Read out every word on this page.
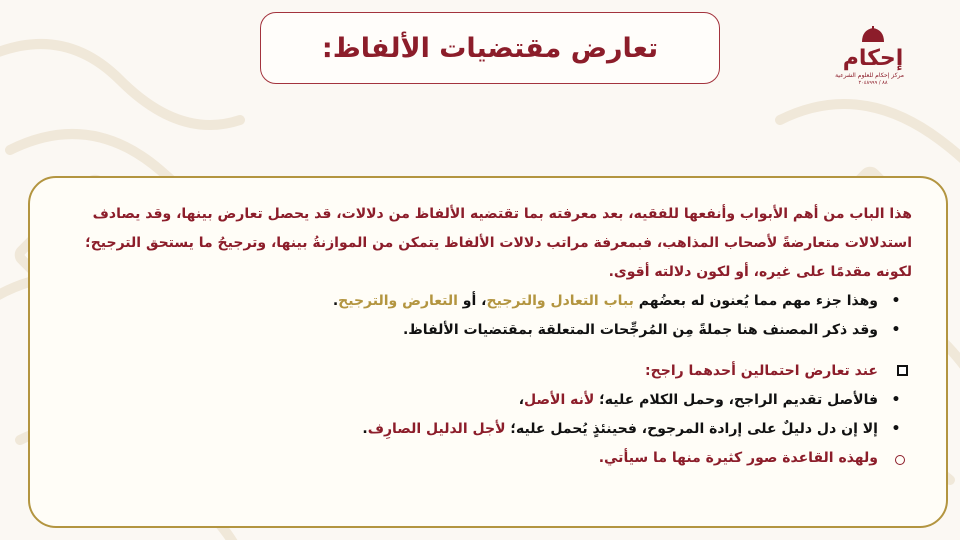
إحكام
مركز إحكام للعلوم الشرعية
٨٨ / ٢٠٤٨٩٩٩
تعارض مقتضيات الألفاظ:

هذا الباب من أهم الأبواب وأنفعها للفقيه، بعد معرفته بما تقتضيه الألفاظ من دلالات، قد يحصل تعارض بينها، وقد يصادف استدلالات متعارضةً لأصحاب المذاهب، فبمعرفة مراتب دلالات الألفاظ يتمكن من الموازنةُ بينها، وترجيحُ ما يستحق الترجيح؛ لكونه مقدمًا على غيره، أو لكون دلالته أقوى.

•
وهذا جزء مهم مما يُعنون له بعضُهم بباب التعادل والترجيح، أو التعارض والترجيح.
•
وقد ذكر المصنف هنا جملةً مِن المُرجِّحات المتعلقة بمقتضيات الألفاظ.
عند تعارض احتمالين أحدهما راجح:
•
فالأصل تقديم الراجح، وحمل الكلام عليه؛ لأنه الأصل،
•
إلا إن دل دليلٌ على إرادة المرجوح، فحينئذٍ يُحمل عليه؛ لأجل الدليل الصارِف.
ولهذه القاعدة صور كثيرة منها ما سيأتي.
